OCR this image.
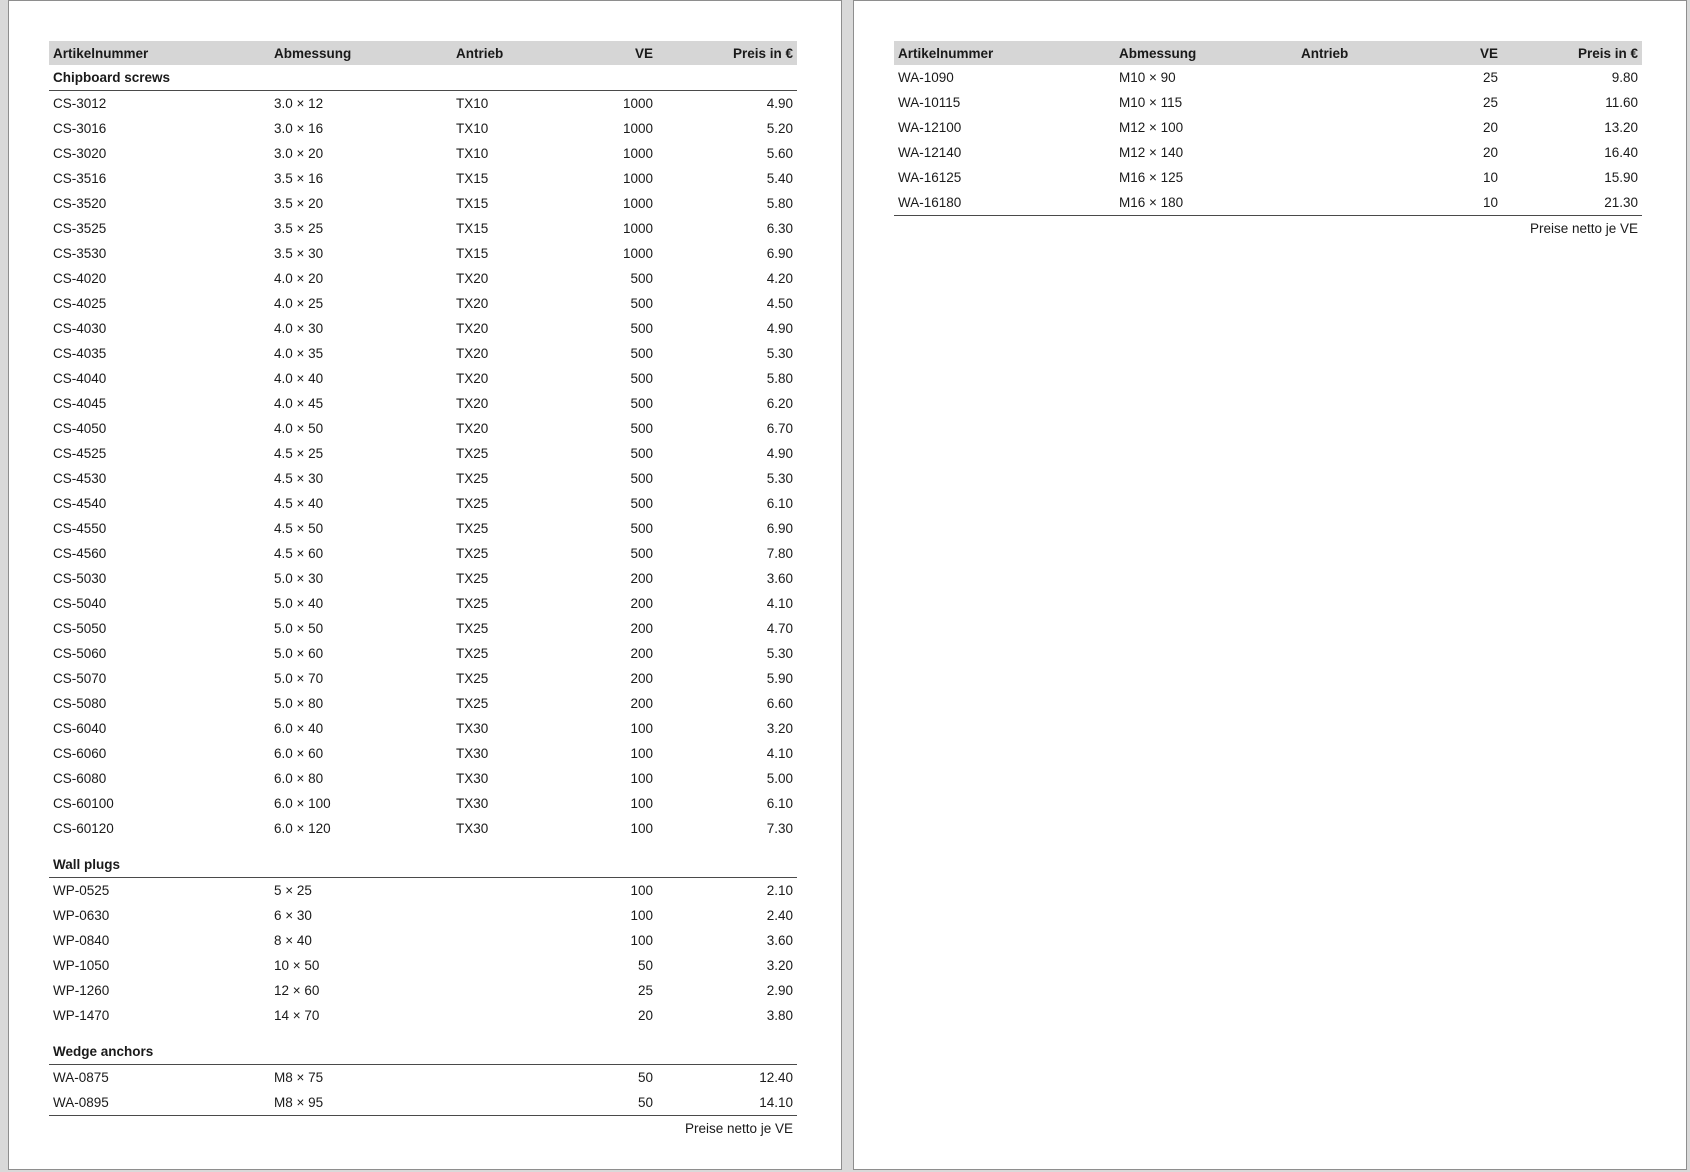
Artikelnummer	Abmessung	Antrieb	VE	Preis in €
Chipboard screws				
CS-3012	3.0 × 12	TX10	1000	4.90
CS-3016	3.0 × 16	TX10	1000	5.20
CS-3020	3.0 × 20	TX10	1000	5.60
CS-3516	3.5 × 16	TX15	1000	5.40
CS-3520	3.5 × 20	TX15	1000	5.80
CS-3525	3.5 × 25	TX15	1000	6.30
CS-3530	3.5 × 30	TX15	1000	6.90
CS-4020	4.0 × 20	TX20	500	4.20
CS-4025	4.0 × 25	TX20	500	4.50
CS-4030	4.0 × 30	TX20	500	4.90
CS-4035	4.0 × 35	TX20	500	5.30
CS-4040	4.0 × 40	TX20	500	5.80
CS-4045	4.0 × 45	TX20	500	6.20
CS-4050	4.0 × 50	TX20	500	6.70
CS-4525	4.5 × 25	TX25	500	4.90
CS-4530	4.5 × 30	TX25	500	5.30
CS-4540	4.5 × 40	TX25	500	6.10
CS-4550	4.5 × 50	TX25	500	6.90
CS-4560	4.5 × 60	TX25	500	7.80
CS-5030	5.0 × 30	TX25	200	3.60
CS-5040	5.0 × 40	TX25	200	4.10
CS-5050	5.0 × 50	TX25	200	4.70
CS-5060	5.0 × 60	TX25	200	5.30
CS-5070	5.0 × 70	TX25	200	5.90
CS-5080	5.0 × 80	TX25	200	6.60
CS-6040	6.0 × 40	TX30	100	3.20
CS-6060	6.0 × 60	TX30	100	4.10
CS-6080	6.0 × 80	TX30	100	5.00
CS-60100	6.0 × 100	TX30	100	6.10
CS-60120	6.0 × 120	TX30	100	7.30

Wall plugs				
WP-0525	5 × 25		100	2.10
WP-0630	6 × 30		100	2.40
WP-0840	8 × 40		100	3.60
WP-1050	10 × 50		50	3.20
WP-1260	12 × 60		25	2.90
WP-1470	14 × 70		20	3.80

Wedge anchors				
WA-0875	M8 × 75		50	12.40
WA-0895	M8 × 95		50	14.10
Preise netto je VE
Artikelnummer	Abmessung	Antrieb	VE	Preis in €
WA-1090	M10 × 90		25	9.80
WA-10115	M10 × 115		25	11.60
WA-12100	M12 × 100		20	13.20
WA-12140	M12 × 140		20	16.40
WA-16125	M16 × 125		10	15.90
WA-16180	M16 × 180		10	21.30
Preise netto je VE
